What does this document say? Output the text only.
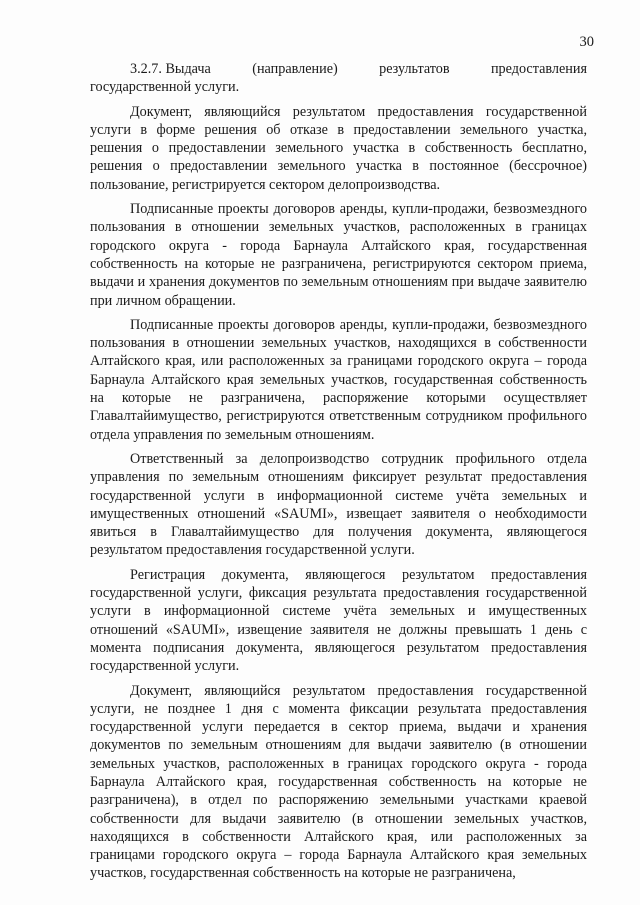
30
3.2.7. Выдача	(направление)	результатов	предоставления
государственной услуги.

Документ, являющийся результатом предоставления государственной услуги в форме решения об отказе в предоставлении земельного участка, решения о предоставлении земельного участка в собственность бесплатно, решения о предоставлении земельного участка в постоянное (бессрочное) пользование, регистрируется сектором делопроизводства.

Подписанные проекты договоров аренды, купли-продажи, безвозмездного пользования в отношении земельных участков, расположенных в границах городского округа - города Барнаула Алтайского края, государственная собственность на которые не разграничена, регистрируются сектором приема, выдачи и хранения документов по земельным отношениям при выдаче заявителю при личном обращении.

Подписанные проекты договоров аренды, купли-продажи, безвозмездного пользования в отношении земельных участков, находящихся в собственности Алтайского края, или расположенных за границами городского округа – города Барнаула Алтайского края земельных участков, государственная собственность на которые не разграничена, распоряжение которыми осуществляет Главалтайимущество, регистрируются ответственным сотрудником профильного отдела управления по земельным отношениям.

Ответственный за делопроизводство сотрудник профильного отдела управления по земельным отношениям фиксирует результат предоставления государственной услуги в информационной системе учёта земельных и имущественных отношений «SAUMI», извещает заявителя о необходимости явиться в Главалтайимущество для получения документа, являющегося результатом предоставления государственной услуги.

Регистрация документа, являющегося результатом предоставления государственной услуги, фиксация результата предоставления государственной услуги в информационной системе учёта земельных и имущественных отношений «SAUMI», извещение заявителя не должны превышать 1 день с момента подписания документа, являющегося результатом предоставления государственной услуги.

Документ, являющийся результатом предоставления государственной услуги, не позднее 1 дня с момента фиксации результата предоставления государственной услуги передается в сектор приема, выдачи и хранения документов по земельным отношениям для выдачи заявителю (в отношении земельных участков, расположенных в границах городского округа - города Барнаула Алтайского края, государственная собственность на которые не разграничена), в отдел по распоряжению земельными участками краевой собственности для выдачи заявителю (в отношении земельных участков, находящихся в собственности Алтайского края, или расположенных за границами городского округа – города Барнаула Алтайского края земельных участков, государственная собственность на которые не разграничена,
